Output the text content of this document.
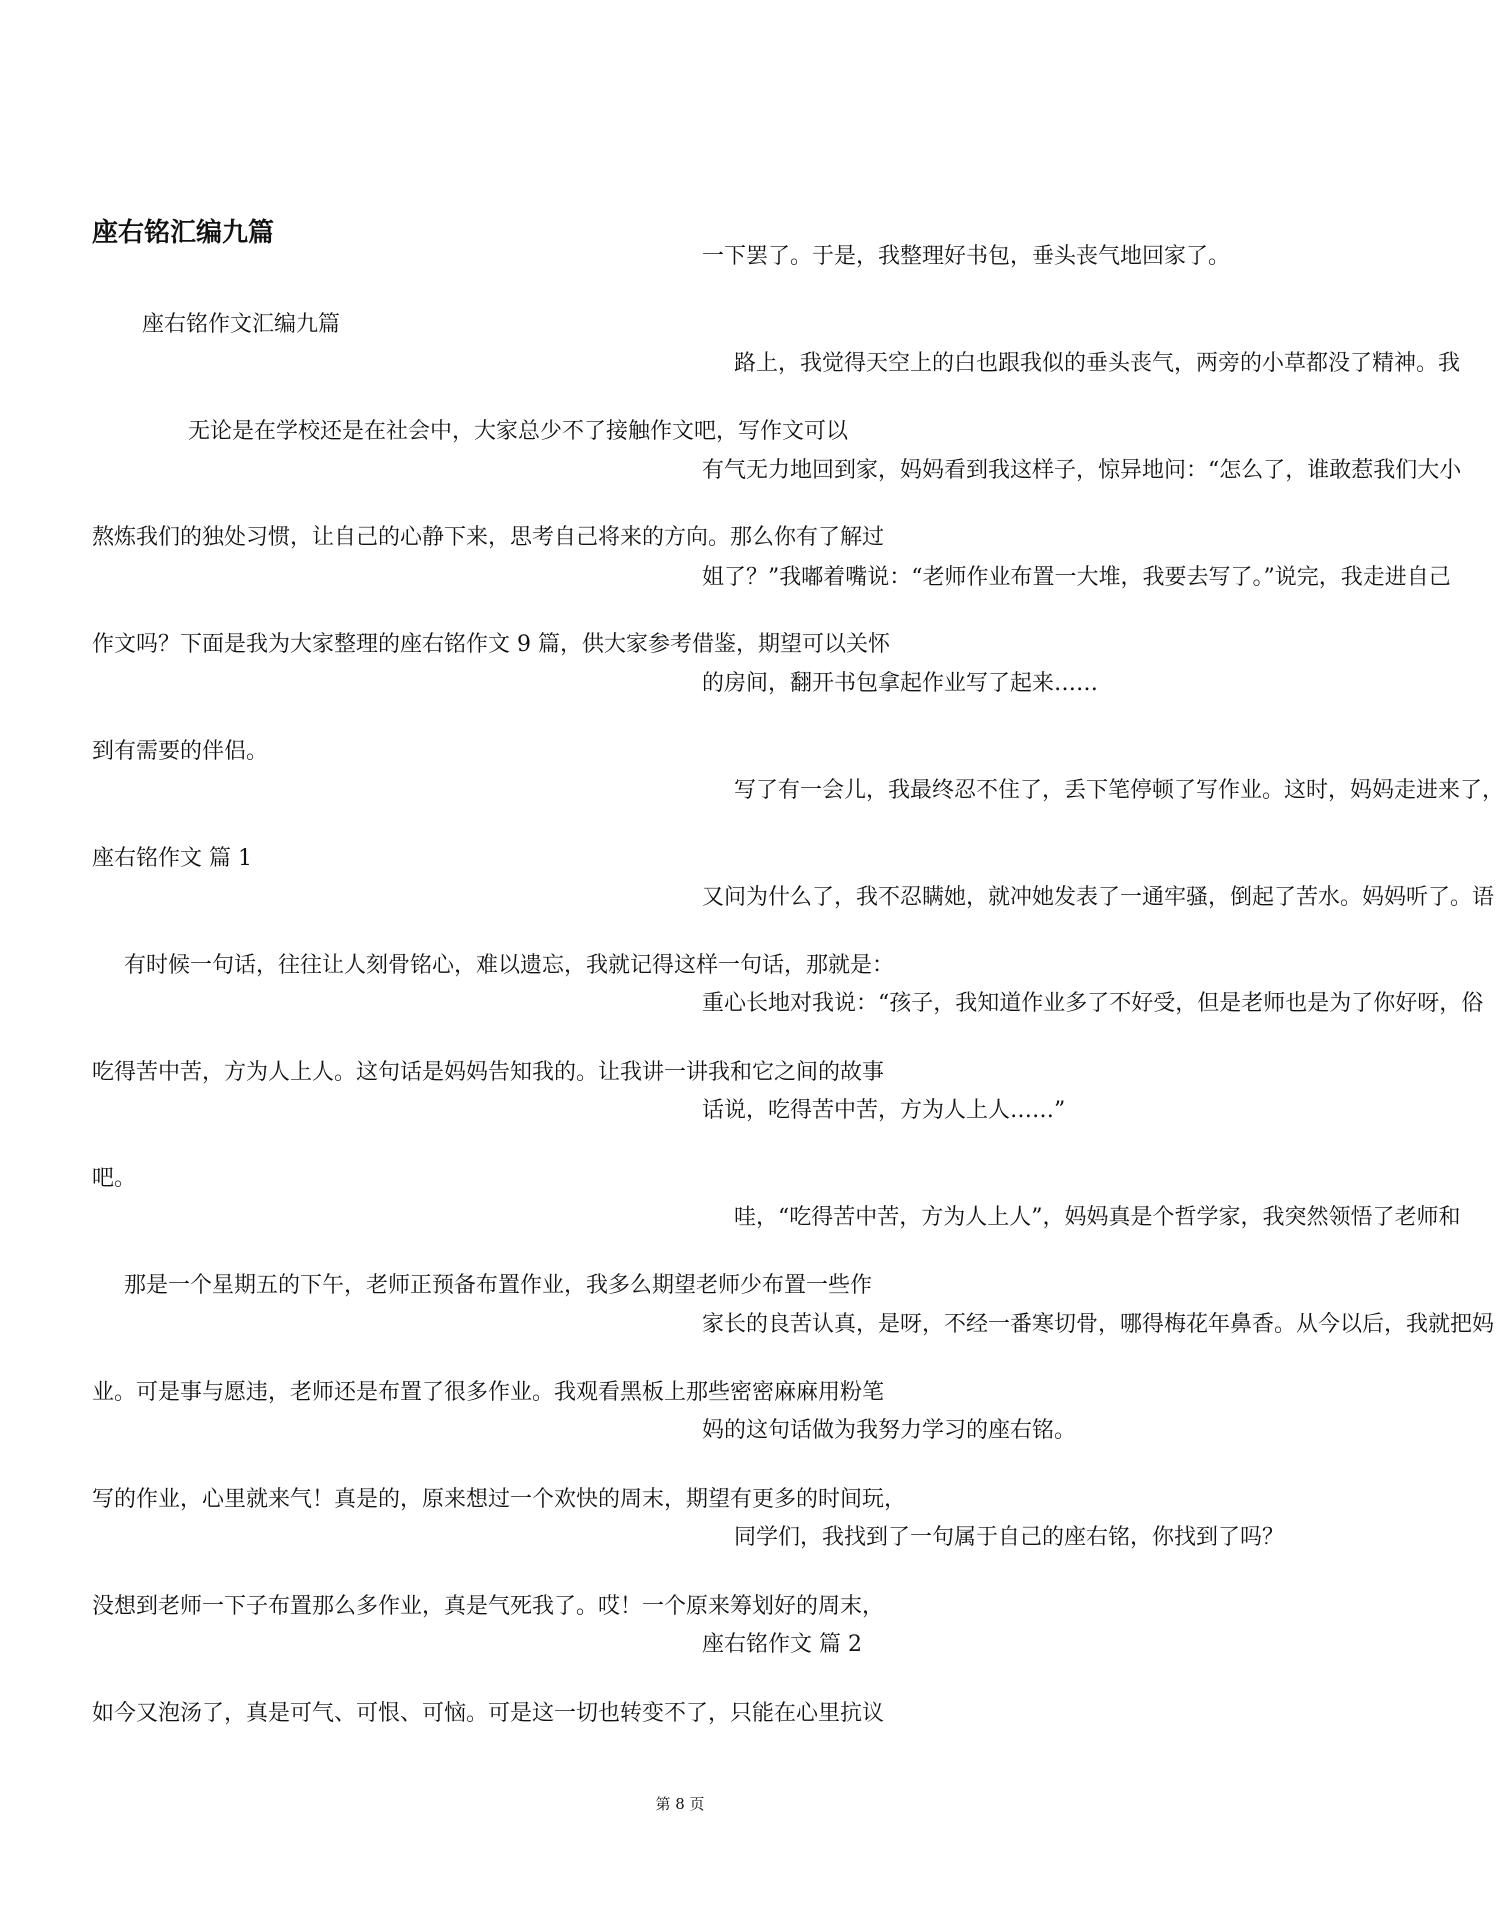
座右铭汇编九篇
座右铭作文汇编九篇
无论是在学校还是在社会中，大家总少不了接触作文吧，写作文可以
熬炼我们的独处习惯，让自己的心静下来，思考自己将来的方向。那么你有了解过
作文吗？下面是我为大家整理的座右铭作文 9 篇，供大家参考借鉴，期望可以关怀
到有需要的伴侣。
座右铭作文 篇 1
有时候一句话，往往让人刻骨铭心，难以遗忘，我就记得这样一句话，那就是：
吃得苦中苦，方为人上人。这句话是妈妈告知我的。让我讲一讲我和它之间的故事
吧。
那是一个星期五的下午，老师正预备布置作业，我多么期望老师少布置一些作
业。可是事与愿违，老师还是布置了很多作业。我观看黑板上那些密密麻麻用粉笔
写的作业，心里就来气！真是的，原来想过一个欢快的周末，期望有更多的时间玩，
没想到老师一下子布置那么多作业，真是气死我了。哎！一个原来筹划好的周末，
如今又泡汤了，真是可气、可恨、可恼。可是这一切也转变不了，只能在心里抗议
一下罢了。于是，我整理好书包，垂头丧气地回家了。
路上，我觉得天空上的白也跟我似的垂头丧气，两旁的小草都没了精神。我
有气无力地回到家，妈妈看到我这样子，惊异地问：“怎么了，谁敢惹我们大小
姐了？”我嘟着嘴说：“老师作业布置一大堆，我要去写了。”说完，我走进自己
的房间，翻开书包拿起作业写了起来……
写了有一会儿，我最终忍不住了，丢下笔停顿了写作业。这时，妈妈走进来了，
又问为什么了，我不忍瞒她，就冲她发表了一通牢骚，倒起了苦水。妈妈听了。语
重心长地对我说：“孩子，我知道作业多了不好受，但是老师也是为了你好呀，俗
话说，吃得苦中苦，方为人上人……”
哇，“吃得苦中苦，方为人上人”，妈妈真是个哲学家，我突然领悟了老师和
家长的良苦认真，是呀，不经一番寒切骨，哪得梅花年鼻香。从今以后，我就把妈
妈的这句话做为我努力学习的座右铭。
同学们，我找到了一句属于自己的座右铭，你找到了吗？
座右铭作文 篇 2
第 8 页
